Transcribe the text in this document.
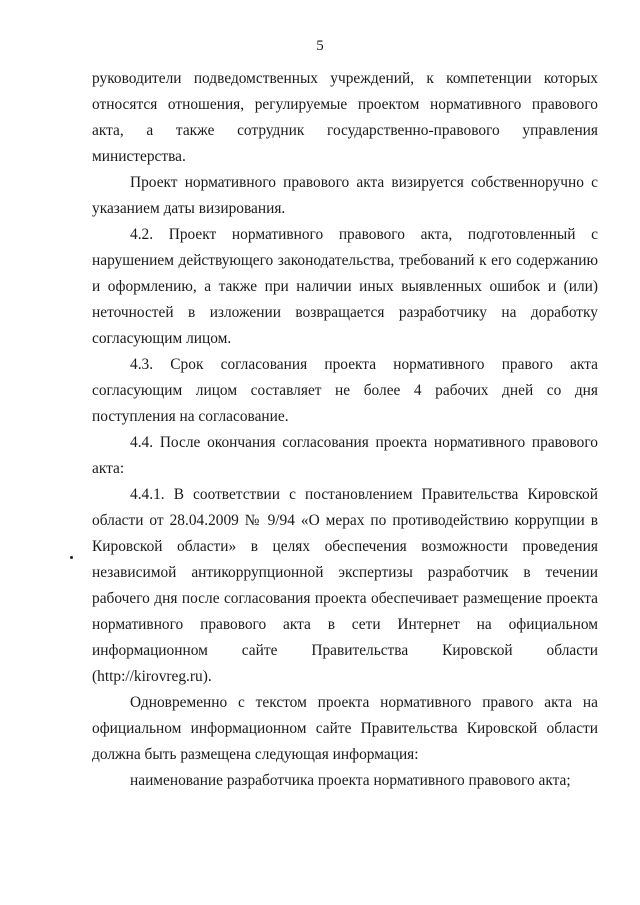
5

руководители подведомственных учреждений, к компетенции которых относятся отношения, регулируемые проектом нормативного правового акта, а также сотрудник государственно-правового управления министерства.

Проект нормативного правового акта визируется собственноручно с указанием даты визирования.

4.2. Проект нормативного правового акта, подготовленный с нарушением действующего законодательства, требований к его содержанию и оформлению, а также при наличии иных выявленных ошибок и (или) неточностей в изложении возвращается разработчику на доработку согласующим лицом.

4.3. Срок согласования проекта нормативного правого акта согласующим лицом составляет не более 4 рабочих дней со дня поступления на согласование.

4.4. После окончания согласования проекта нормативного правового акта:

4.4.1. В соответствии с постановлением Правительства Кировской области от 28.04.2009 № 9/94 «О мерах по противодействию коррупции в Кировской области» в целях обеспечения возможности проведения независимой антикоррупционной экспертизы разработчик в течении рабочего дня после согласования проекта обеспечивает размещение проекта нормативного правового акта в сети Интернет на официальном информационном сайте Правительства Кировской области (http://kirovreg.ru).

Одновременно с текстом проекта нормативного правого акта на официальном информационном сайте Правительства Кировской области должна быть размещена следующая информация:

наименование разработчика проекта нормативного правового акта;
